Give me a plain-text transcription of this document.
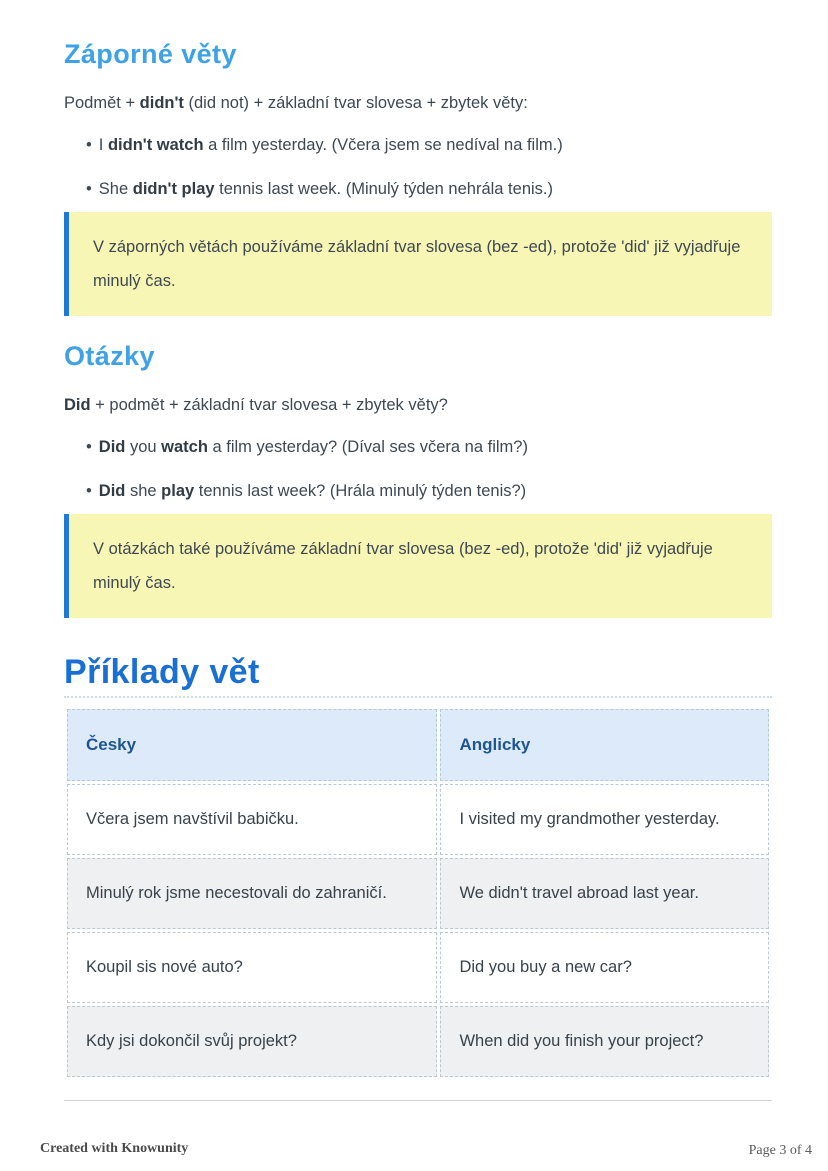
Záporné věty

Podmět + didn't (did not) + základní tvar slovesa + zbytek věty:

• I didn't watch a film yesterday. (Včera jsem se nedíval na film.)
• She didn't play tennis last week. (Minulý týden nehrála tenis.)
V záporných větách používáme základní tvar slovesa (bez -ed), protože 'did' již vyjadřuje minulý čas.
Otázky

Did + podmět + základní tvar slovesa + zbytek věty?

• Did you watch a film yesterday? (Díval ses včera na film?)
• Did she play tennis last week? (Hrála minulý týden tenis?)
V otázkách také používáme základní tvar slovesa (bez -ed), protože 'did' již vyjadřuje minulý čas.
Příklady vět
Česky	Anglicky
Včera jsem navštívil babičku.	I visited my grandmother yesterday.
Minulý rok jsme necestovali do zahraničí.	We didn't travel abroad last year.
Koupil sis nové auto?	Did you buy a new car?
Kdy jsi dokončil svůj projekt?	When did you finish your project?
Created with Knowunity	Page 3 of 4
